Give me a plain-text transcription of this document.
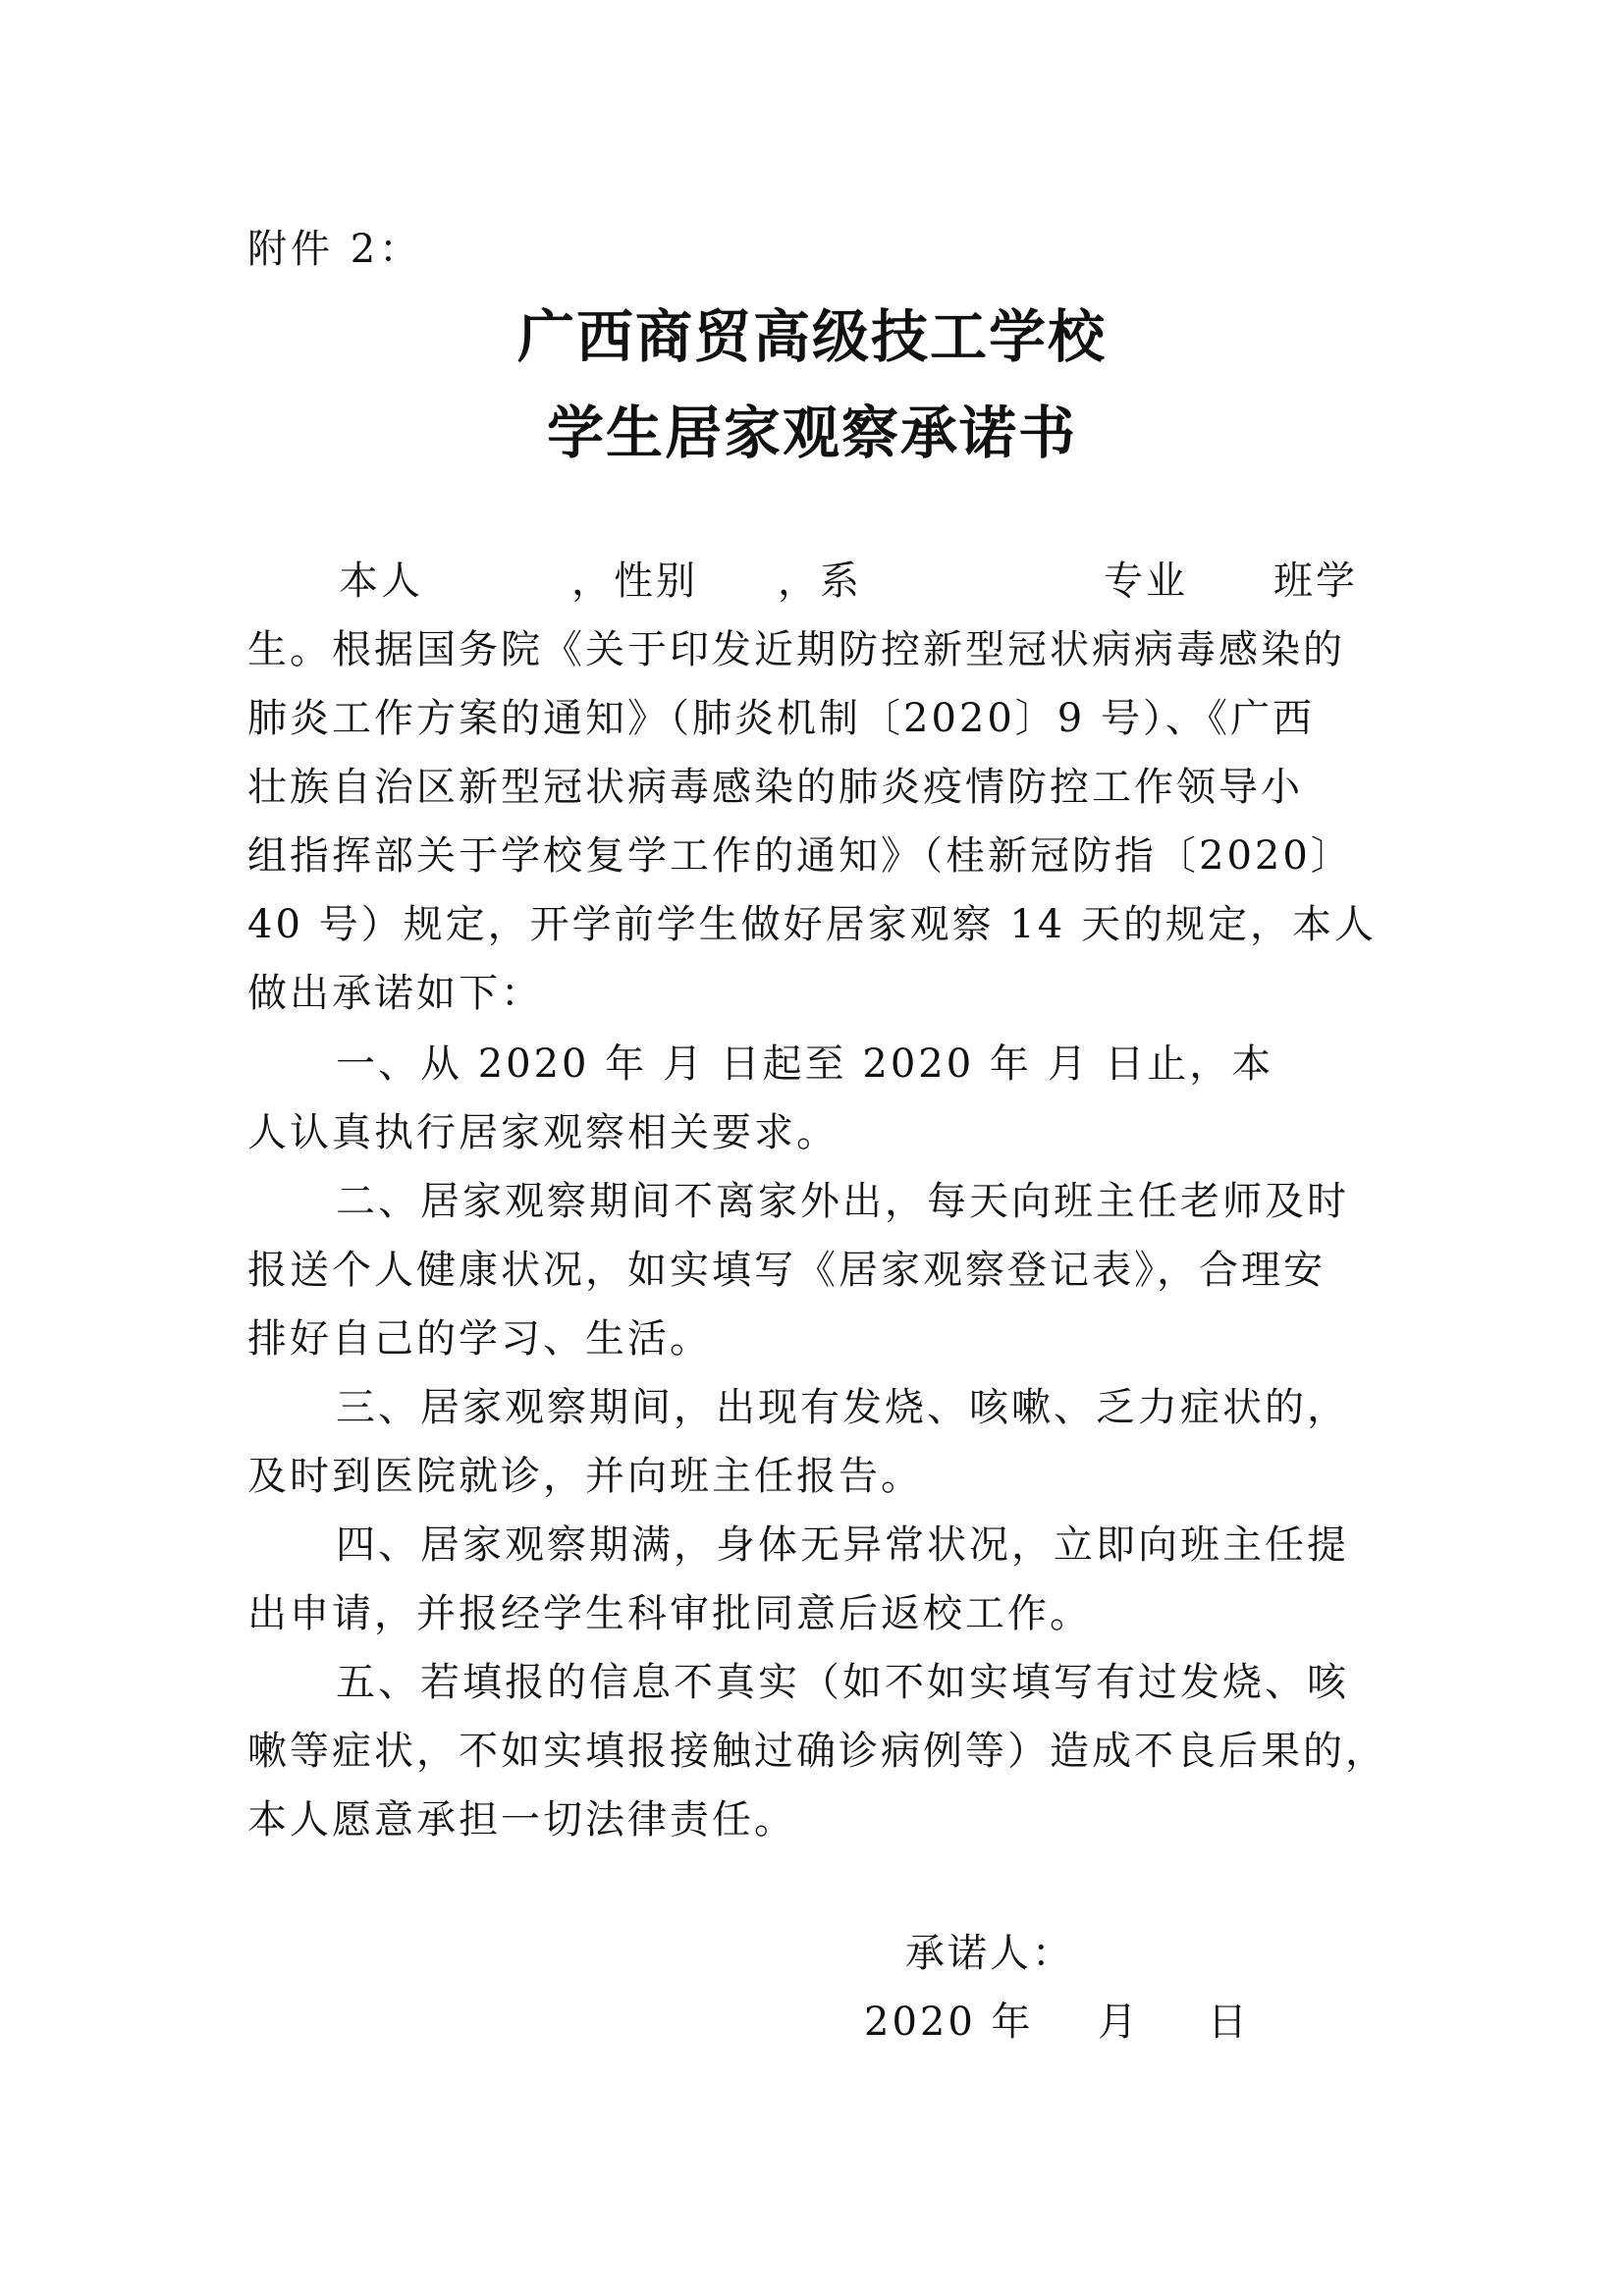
附件 2：
广西商贸高级技工学校
学生居家观察承诺书
本人	，性别 ，系	专业 班学
生。根据国务院《关于印发近期防控新型冠状病病毒感染的
肺炎工作方案的通知》（肺炎机制〔2020〕9 号）、《广西
壮族自治区新型冠状病毒感染的肺炎疫情防控工作领导小
组指挥部关于学校复学工作的通知》（桂新冠防指〔2020〕
40 号）规定，开学前学生做好居家观察 14 天的规定，本人
做出承诺如下：
一、从 2020 年 月 日起至 2020 年 月 日止，本
人认真执行居家观察相关要求。
二、居家观察期间不离家外出，每天向班主任老师及时
报送个人健康状况，如实填写《居家观察登记表》，合理安
排好自己的学习、生活。
三、居家观察期间，出现有发烧、咳嗽、乏力症状的，
及时到医院就诊，并向班主任报告。
四、居家观察期满，身体无异常状况，立即向班主任提
出申请，并报经学生科审批同意后返校工作。
五、若填报的信息不真实（如不如实填写有过发烧、咳
嗽等症状，不如实填报接触过确诊病例等）造成不良后果的，
本人愿意承担一切法律责任。
承诺人：
2020 年 月 日
